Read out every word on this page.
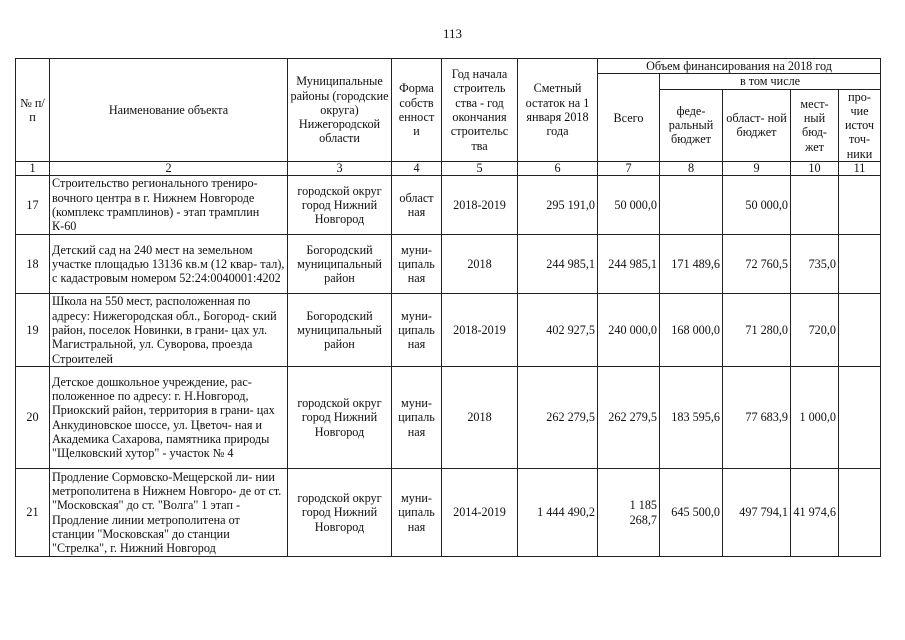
113
№ п/п	Наименование объекта	Муниципальные районы (городские округа) Нижегородской области	Форма собств енност и	Год начала строитель ства - год окончания строительс тва	Сметный остаток на 1 января 2018 года	Объем финансирования на 2018 год				
						Всего	в том числе			
							феде- ральный бюджет	област- ной бюджет	мест- ный бюд- жет	про- чие источ точ- ники
1	2	3	4	5	6	7	8	9	10	11
17	Строительство регионального трениро- вочного центра в г. Нижнем Новгороде (комплекс трамплинов) - этап трамплин К-60	городской округ город Нижний Новгород	област ная	2018-2019	295 191,0	50 000,0		50 000,0		
18	Детский сад на 240 мест на земельном участке площадью 13136 кв.м (12 квар- тал), с кадастровым номером 52:24:0040001:4202	Богородский муниципальный район	муни- ципаль ная	2018	244 985,1	244 985,1	171 489,6	72 760,5	735,0	
19	Школа на 550 мест, расположенная по адресу: Нижегородская обл., Богород- ский район, поселок Новинки, в грани- цах ул. Магистральной, ул. Суворова, проезда Строителей	Богородский муниципальный район	муни- ципаль ная	2018-2019	402 927,5	240 000,0	168 000,0	71 280,0	720,0	
20	Детское дошкольное учреждение, рас- положенное по адресу: г. Н.Новгород, Приокский район, территория в грани- цах Анкудиновское шоссе, ул. Цветоч- ная и Академика Сахарова, памятника природы "Щелковский хутор" - участок № 4	городской округ город Нижний Новгород	муни- ципаль ная	2018	262 279,5	262 279,5	183 595,6	77 683,9	1 000,0	
21	Продление Сормовско-Мещерской ли- нии метрополитена в Нижнем Новгоро- де от ст. "Московская" до ст. "Волга" 1 этап - Продление линии метрополитена от станции "Московская" до станции "Стрелка", г. Нижний Новгород	городской округ город Нижний Новгород	муни- ципаль ная	2014-2019	1 444 490,2	1 185 268,7	645 500,0	497 794,1	41 974,6	
